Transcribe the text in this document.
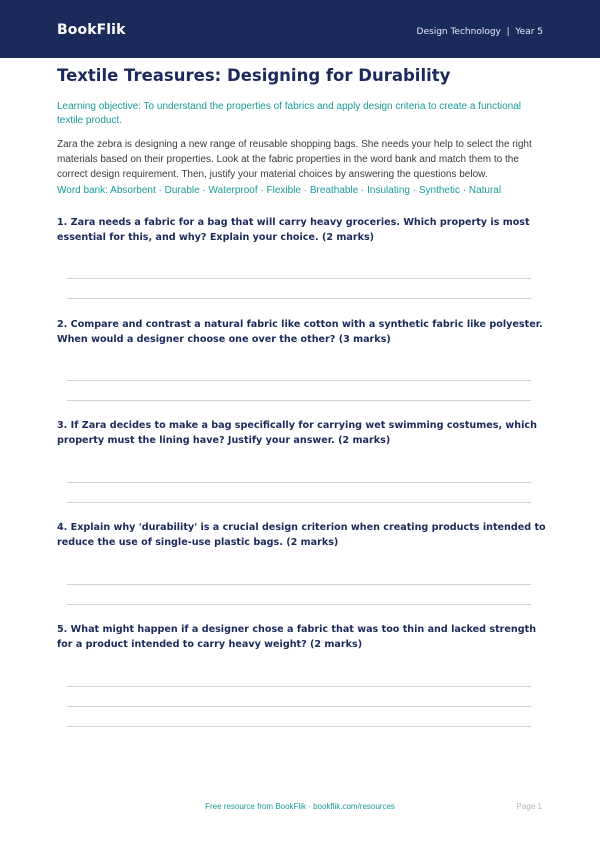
BookFlik	Design Technology  |  Year 5
Textile Treasures: Designing for Durability
Learning objective: To understand the properties of fabrics and apply design criteria to create a functional textile product.
Zara the zebra is designing a new range of reusable shopping bags. She needs your help to select the right materials based on their properties. Look at the fabric properties in the word bank and match them to the correct design requirement. Then, justify your material choices by answering the questions below.
Word bank: Absorbent · Durable · Waterproof · Flexible · Breathable · Insulating · Synthetic · Natural
1. Zara needs a fabric for a bag that will carry heavy groceries. Which property is most essential for this, and why? Explain your choice. (2 marks)
2. Compare and contrast a natural fabric like cotton with a synthetic fabric like polyester. When would a designer choose one over the other? (3 marks)
3. If Zara decides to make a bag specifically for carrying wet swimming costumes, which property must the lining have? Justify your answer. (2 marks)
4. Explain why 'durability' is a crucial design criterion when creating products intended to reduce the use of single-use plastic bags. (2 marks)
5. What might happen if a designer chose a fabric that was too thin and lacked strength for a product intended to carry heavy weight? (2 marks)
Free resource from BookFlik · bookflik.com/resources	Page 1
